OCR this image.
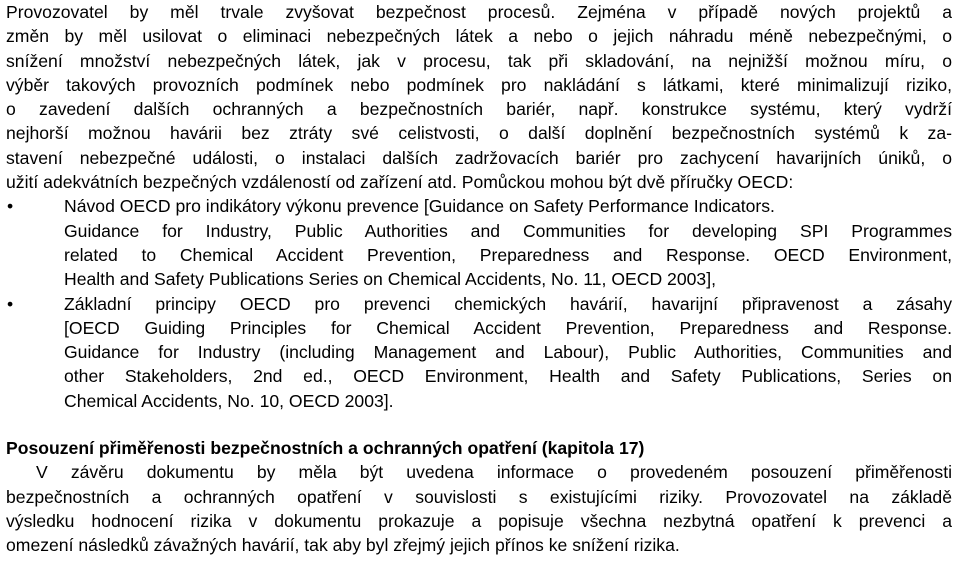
Provozovatel by měl trvale zvyšovat bezpečnost procesů. Zejména v případě nových projektů a
změn by měl usilovat o eliminaci nebezpečných látek a nebo o jejich náhradu méně nebezpečnými, o
snížení množství nebezpečných látek, jak v procesu, tak při skladování, na nejnižší možnou míru, o
výběr takových provozních podmínek nebo podmínek pro nakládání s látkami, které minimalizují riziko,
o zavedení dalších ochranných a bezpečnostních bariér, např. konstrukce systému, který vydrží
nejhorší možnou havárii bez ztráty své celistvosti, o další doplnění bezpečnostních systémů k za-
stavení nebezpečné události, o instalaci dalších zadržovacích bariér pro zachycení havarijních úniků, o
užití adekvátních bezpečných vzdáleností od zařízení atd. Pomůckou mohou být dvě příručky OECD:
•	Návod OECD pro indikátory výkonu prevence [Guidance on Safety Performance Indicators.
Guidance for Industry, Public Authorities and Communities for developing SPI Programmes
related to Chemical Accident Prevention, Preparedness and Response. OECD Environment,
Health and Safety Publications Series on Chemical Accidents, No. 11, OECD 2003],
•	Základní principy OECD pro prevenci chemických havárií, havarijní připravenost a zásahy
[OECD Guiding Principles for Chemical Accident Prevention, Preparedness and Response.
Guidance for Industry (including Management and Labour), Public Authorities, Communities and
other Stakeholders, 2nd ed., OECD Environment, Health and Safety Publications, Series on
Chemical Accidents, No. 10, OECD 2003].
Posouzení přiměřenosti bezpečnostních a ochranných opatření (kapitola 17)
V závěru dokumentu by měla být uvedena informace o provedeném posouzení přiměřenosti
bezpečnostních a ochranných opatření v souvislosti s existujícími riziky. Provozovatel na základě
výsledku hodnocení rizika v dokumentu prokazuje a popisuje všechna nezbytná opatření k prevenci a
omezení následků závažných havárií, tak aby byl zřejmý jejich přínos ke snížení rizika.
